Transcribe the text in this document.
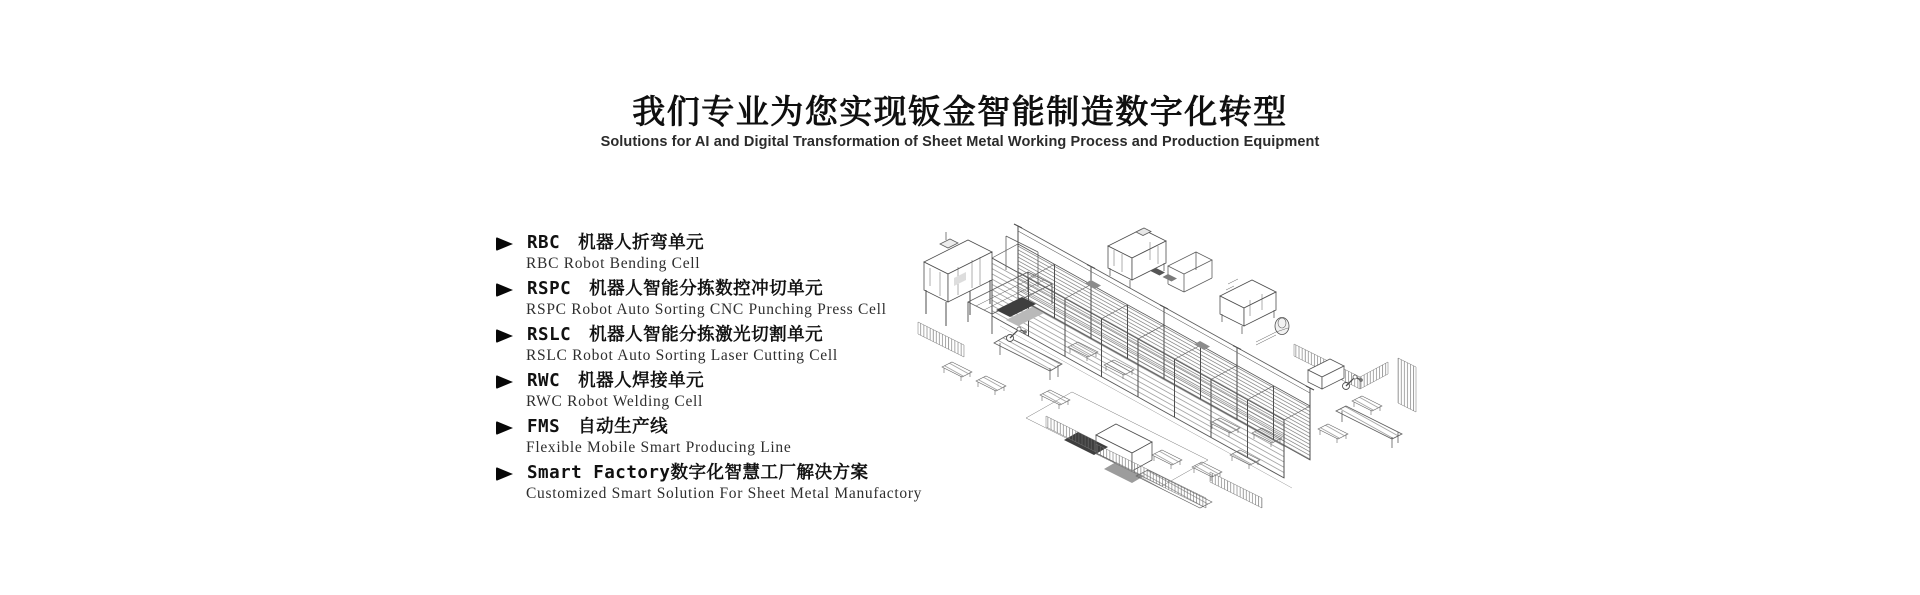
我们专业为您实现钣金智能制造数字化转型
Solutions for AI and Digital Transformation of Sheet Metal Working Process and Production Equipment
RBC　机器人折弯单元
RBC Robot Bending Cell
RSPC　机器人智能分拣数控冲切单元
RSPC Robot Auto Sorting CNC Punching Press Cell
RSLC　机器人智能分拣激光切割单元
RSLC Robot Auto Sorting Laser Cutting Cell
RWC　机器人焊接单元
RWC Robot Welding Cell
FMS　自动生产线
Flexible Mobile Smart Producing Line
Smart Factory数字化智慧工厂解决方案
Customized Smart Solution For Sheet Metal Manufactory
